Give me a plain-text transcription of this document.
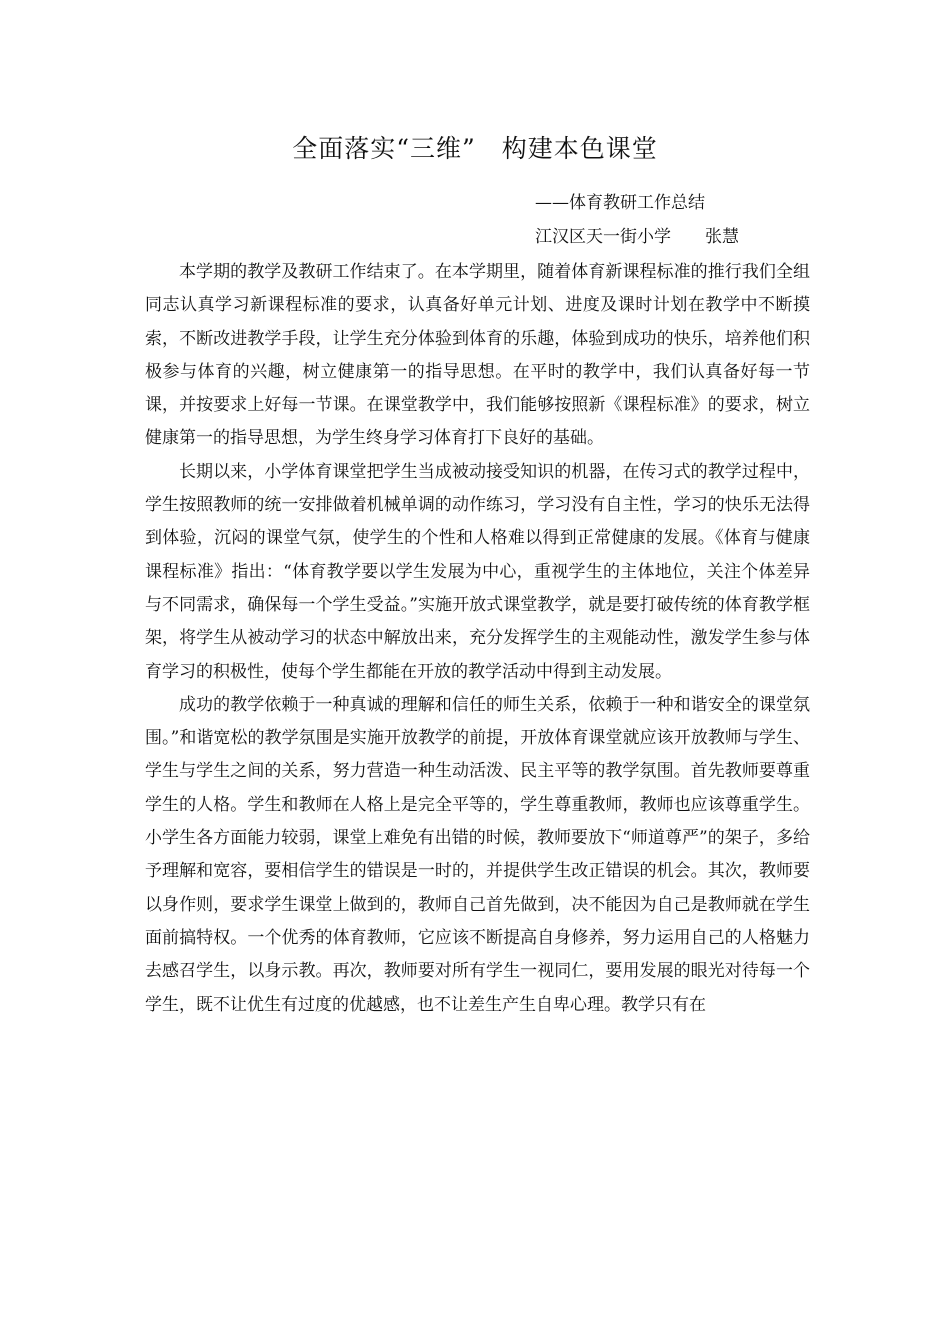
全面落实“三维”　构建本色课堂
——体育教研工作总结
江汉区天一街小学　　张慧

本学期的教学及教研工作结束了。在本学期里，随着体育新课程标准的推行我们全组同志认真学习新课程标准的要求，认真备好单元计划、进度及课时计划在教学中不断摸索，不断改进教学手段，让学生充分体验到体育的乐趣，体验到成功的快乐，培养他们积极参与体育的兴趣，树立健康第一的指导思想。在平时的教学中，我们认真备好每一节课，并按要求上好每一节课。在课堂教学中，我们能够按照新《课程标准》的要求，树立健康第一的指导思想，为学生终身学习体育打下良好的基础。

长期以来，小学体育课堂把学生当成被动接受知识的机器，在传习式的教学过程中，学生按照教师的统一安排做着机械单调的动作练习，学习没有自主性，学习的快乐无法得到体验，沉闷的课堂气氛，使学生的个性和人格难以得到正常健康的发展。《体育与健康课程标准》指出：“体育教学要以学生发展为中心，重视学生的主体地位，关注个体差异与不同需求，确保每一个学生受益。”实施开放式课堂教学，就是要打破传统的体育教学框架，将学生从被动学习的状态中解放出来，充分发挥学生的主观能动性，激发学生参与体育学习的积极性，使每个学生都能在开放的教学活动中得到主动发展。

成功的教学依赖于一种真诚的理解和信任的师生关系，依赖于一种和谐安全的课堂氛围。”和谐宽松的教学氛围是实施开放教学的前提，开放体育课堂就应该开放教师与学生、学生与学生之间的关系，努力营造一种生动活泼、民主平等的教学氛围。首先教师要尊重学生的人格。学生和教师在人格上是完全平等的，学生尊重教师，教师也应该尊重学生。小学生各方面能力较弱，课堂上难免有出错的时候，教师要放下“师道尊严”的架子，多给予理解和宽容，要相信学生的错误是一时的，并提供学生改正错误的机会。其次，教师要以身作则，要求学生课堂上做到的，教师自己首先做到，决不能因为自己是教师就在学生面前搞特权。一个优秀的体育教师，它应该不断提高自身修养，努力运用自己的人格魅力去感召学生，以身示教。再次，教师要对所有学生一视同仁，要用发展的眼光对待每一个学生，既不让优生有过度的优越感，也不让差生产生自卑心理。教学只有在
